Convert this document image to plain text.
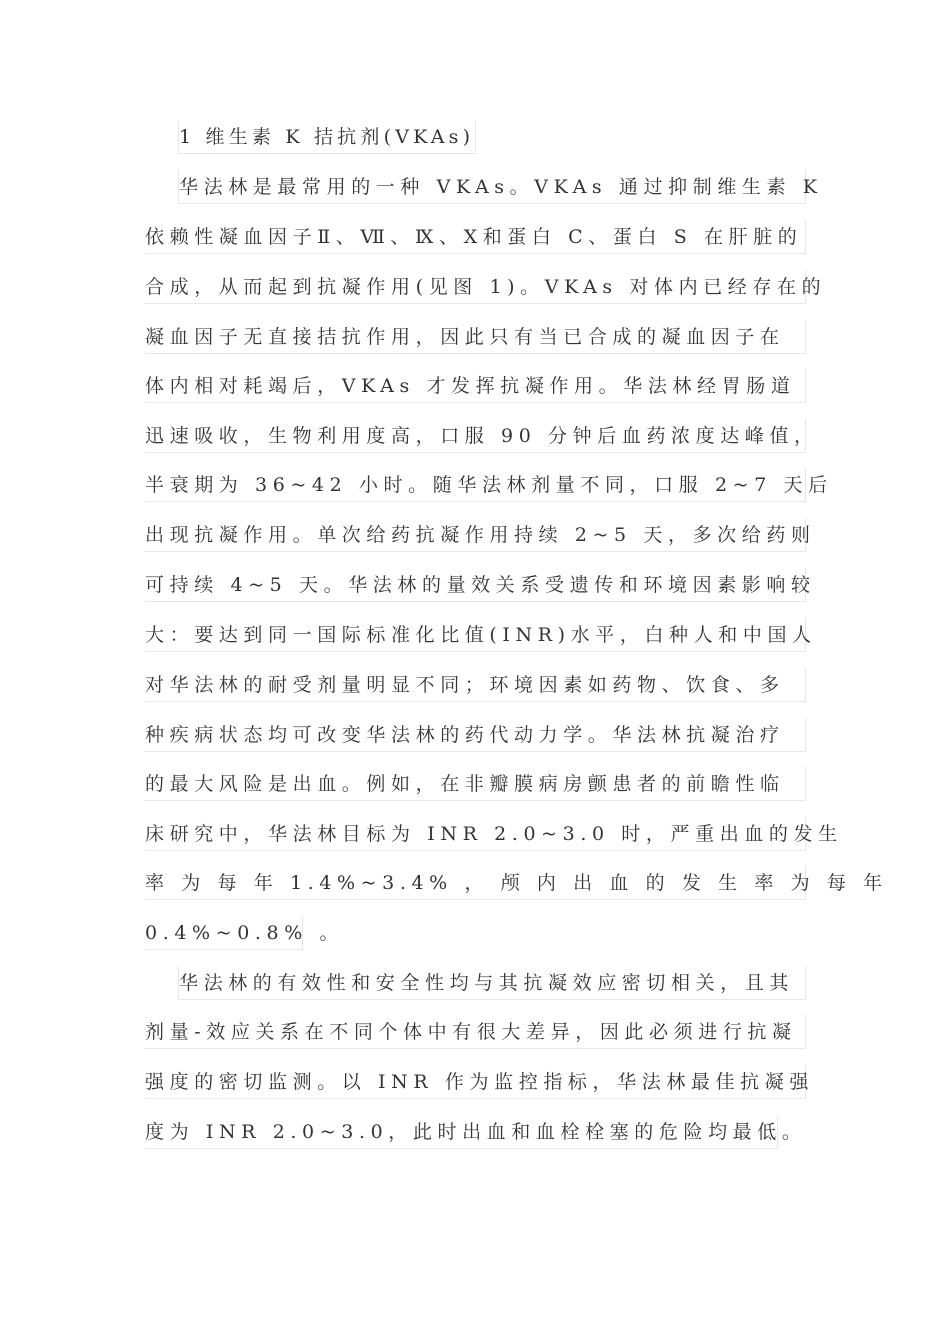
1 维生素 K 拮抗剂(VKAs)
华法林是最常用的一种 VKAs。VKAs 通过抑制维生素 K
依赖性凝血因子Ⅱ、Ⅶ、Ⅸ、Ⅹ和蛋白 C、蛋白 S 在肝脏的
合成，从而起到抗凝作用(见图 1)。VKAs 对体内已经存在的
凝血因子无直接拮抗作用，因此只有当已合成的凝血因子在
体内相对耗竭后，VKAs 才发挥抗凝作用。华法林经胃肠道
迅速吸收，生物利用度高，口服 90 分钟后血药浓度达峰值，
半衰期为 36~42 小时。随华法林剂量不同，口服 2~7 天后
出现抗凝作用。单次给药抗凝作用持续 2~5 天，多次给药则
可持续 4~5 天。华法林的量效关系受遗传和环境因素影响较
大：要达到同一国际标准化比值(INR)水平，白种人和中国人
对华法林的耐受剂量明显不同；环境因素如药物、饮食、多
种疾病状态均可改变华法林的药代动力学。华法林抗凝治疗
的最大风险是出血。例如，在非瓣膜病房颤患者的前瞻性临
床研究中，华法林目标为 INR 2.0~3.0 时，严重出血的发生
率 为 每 年 1.4%~3.4% ， 颅 内 出 血 的 发 生 率 为 每 年
0.4%~0.8% 。
华法林的有效性和安全性均与其抗凝效应密切相关，且其
剂量-效应关系在不同个体中有很大差异，因此必须进行抗凝
强度的密切监测。以 INR 作为监控指标，华法林最佳抗凝强
度为 INR 2.0~3.0，此时出血和血栓栓塞的危险均最低。
